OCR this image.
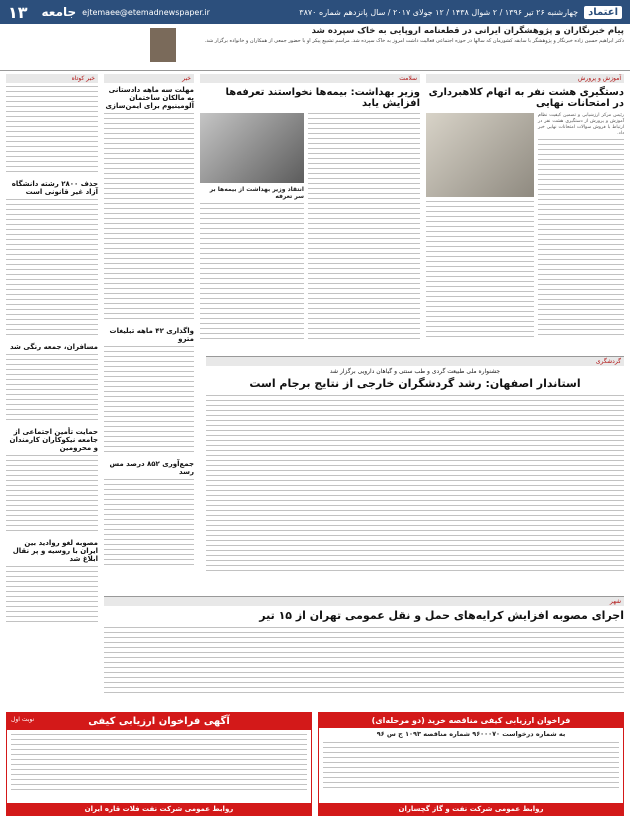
۱۳ جامعه ejtemaee@etemadnewspaper.ir	چهارشنبه ۲۶ تیر ۱۳۹۶ / ۲ شوال ۱۴۳۸ / ۱۲ جولای ۲۰۱۷ / سال پانزدهم شماره ۳۸۷۰	اعتماد
پیام خبرنگاران و پژوهشگران ایرانی در قطعنامه اروپایی به خاک سپرده شد

دکتر ابراهیم حسین زاده خبرنگار و پژوهشگر با سابقه کشورمان که سالها در حوزه اجتماعی فعالیت داشت امروز به خاک سپرده شد. مراسم تشییع پیکر او با حضور جمعی از همکاران و خانواده برگزار شد.

آموزش و پرورش
دستگیری هشت نفر به اتهام کلاهبرداری در امتحانات نهایی
رئیس مرکز ارزشیابی و تضمین کیفیت نظام آموزش و پرورش از دستگیری هشت نفر در ارتباط با فروش سوالات امتحانات نهایی خبر داد.
سلامت
وزیر بهداشت: بیمه‌ها نخواستند تعرفه‌ها افزایش یابد
انتقاد وزیر بهداشت از بیمه‌ها بر سر تعرفه
خبر
مهلت سه ماهه دادستانی به مالکان ساختمان آلومینیوم برای ایمن‌سازی
واگذاری ۴۲ ماهه تبلیغات مترو
جمع‌آوری ۸۵۲ درصد مس رسد
خبر کوتاه
حذف ۲۸۰۰ رشته دانشگاه آزاد غیر قانونی است
مسافران، جمعه رنگی شد
حمایت تأمین اجتماعی از جامعه نیکوکاران کارمندان و محرومین
مصوبه لغو روادید بین ایران با روسیه و پر نقال ابلاغ شد
گردشگری
جشنواره ملی طبیعت گردی و طب سنتی و گیاهان دارویی برگزار شد
استاندار اصفهان: رشد گردشگران خارجی از نتایج برجام است
شهر
اجرای مصوبه افزایش کرایه‌های حمل و نقل عمومی تهران از ۱۵ تیر
آگهی فراخوان ارزیابی کیفی
نوبت اول
روابط عمومی شرکت نفت فلات قاره ایران
فراخوان ارزیابی کیفی مناقصه خرید (دو مرحله‌ای)
به شماره درخواست ۹۶۰۰۰۷۰ شماره مناقصه ۱۰۹۳ ج س ۹۶
روابط عمومی شرکت نفت و گاز گچساران
